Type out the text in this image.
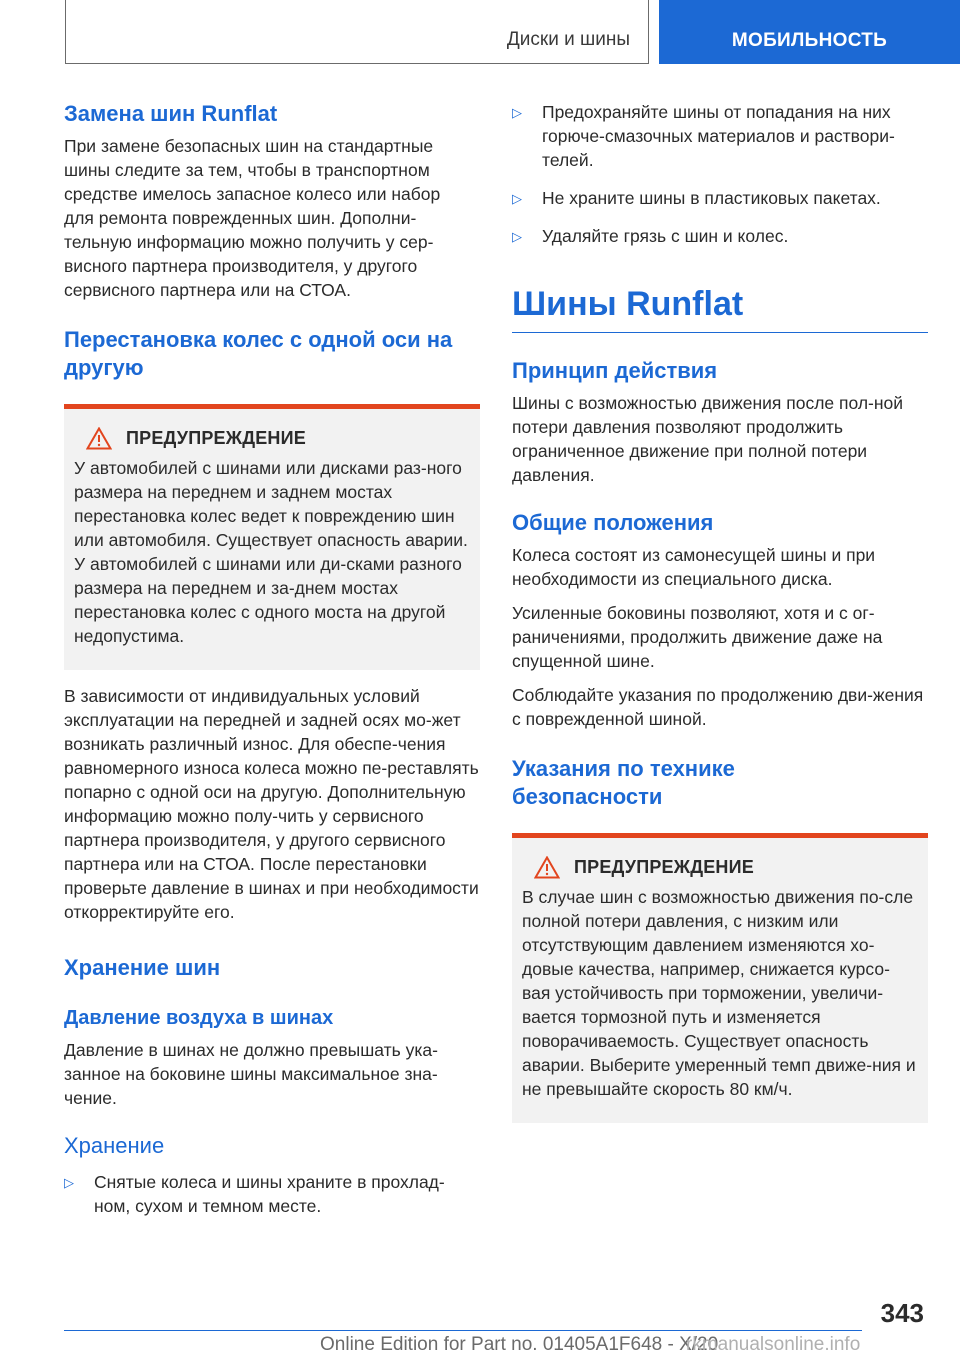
Диски и шины	МОБИЛЬНОСТЬ
Замена шин Runflat
При замене безопасных шин на стандартные шины следите за тем, чтобы в транспортном средстве имелось запасное колесо или набор для ремонта поврежденных шин. Дополни-тельную информацию можно получить у сер-висного партнера производителя, у другого сервисного партнера или на СТОА.
Перестановка колес с одной оси на другую
ПРЕДУПРЕЖДЕНИЕ
У автомобилей с шинами или дисками раз-ного размера на переднем и заднем мостах перестановка колес ведет к повреждению шин или автомобиля. Существует опасность аварии. У автомобилей с шинами или ди-сками разного размера на переднем и за-днем мостах перестановка колес с одного моста на другой недопустима.
В зависимости от индивидуальных условий эксплуатации на передней и задней осях мо-жет возникать различный износ. Для обеспе-чения равномерного износа колеса можно пе-реставлять попарно с одной оси на другую. Дополнительную информацию можно полу-чить у сервисного партнера производителя, у другого сервисного партнера или на СТОА. После перестановки проверьте давление в шинах и при необходимости откорректируйте его.
Хранение шин
Давление воздуха в шинах
Давление в шинах не должно превышать ука-занное на боковине шины максимальное зна-чение.
Хранение
▷ Снятые колеса и шины храните в прохлад-ном, сухом и темном месте.
▷ Предохраняйте шины от попадания на них горюче-смазочных материалов и раствори-телей.
▷ Не храните шины в пластиковых пакетах.
▷ Удаляйте грязь с шин и колес.
Шины Runflat
Принцип действия
Шины с возможностью движения после пол-ной потери давления позволяют продолжить ограниченное движение при полной потери давления.
Общие положения
Колеса состоят из самонесущей шины и при необходимости из специального диска.
Усиленные боковины позволяют, хотя и с ог-раничениями, продолжить движение даже на спущенной шине.
Соблюдайте указания по продолжению дви-жения с поврежденной шиной.
Указания по технике безопасности
ПРЕДУПРЕЖДЕНИЕ
В случае шин с возможностью движения по-сле полной потери давления, с низким или отсутствующим давлением изменяются хо-довые качества, например, снижается курсо-вая устойчивость при торможении, увеличи-вается тормозной путь и изменяется поворачиваемость. Существует опасность аварии. Выберите умеренный темп движе-ния и не превышайте скорость 80 км/ч.
343
Online Edition for Part no. 01405A1F648 - X/20
rkmanualsonline.info
